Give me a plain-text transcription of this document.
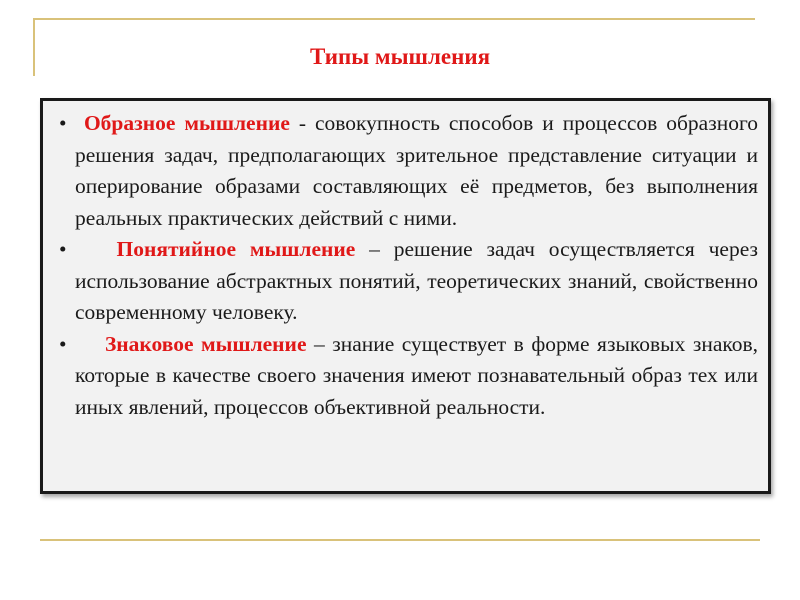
Типы мышления
• Образное мышление - совокупность способов и процессов образного решения задач, предполагающих зрительное представление ситуации и оперирование образами составляющих её предметов, без выполнения реальных практических действий с ними.
• Понятийное мышление – решение задач осуществляется через использование абстрактных понятий, теоретических знаний, свойственно современному человеку.
• Знаковое мышление – знание существует в форме языковых знаков, которые в качестве своего значения имеют познавательный образ тех или иных явлений, процессов объективной реальности.
